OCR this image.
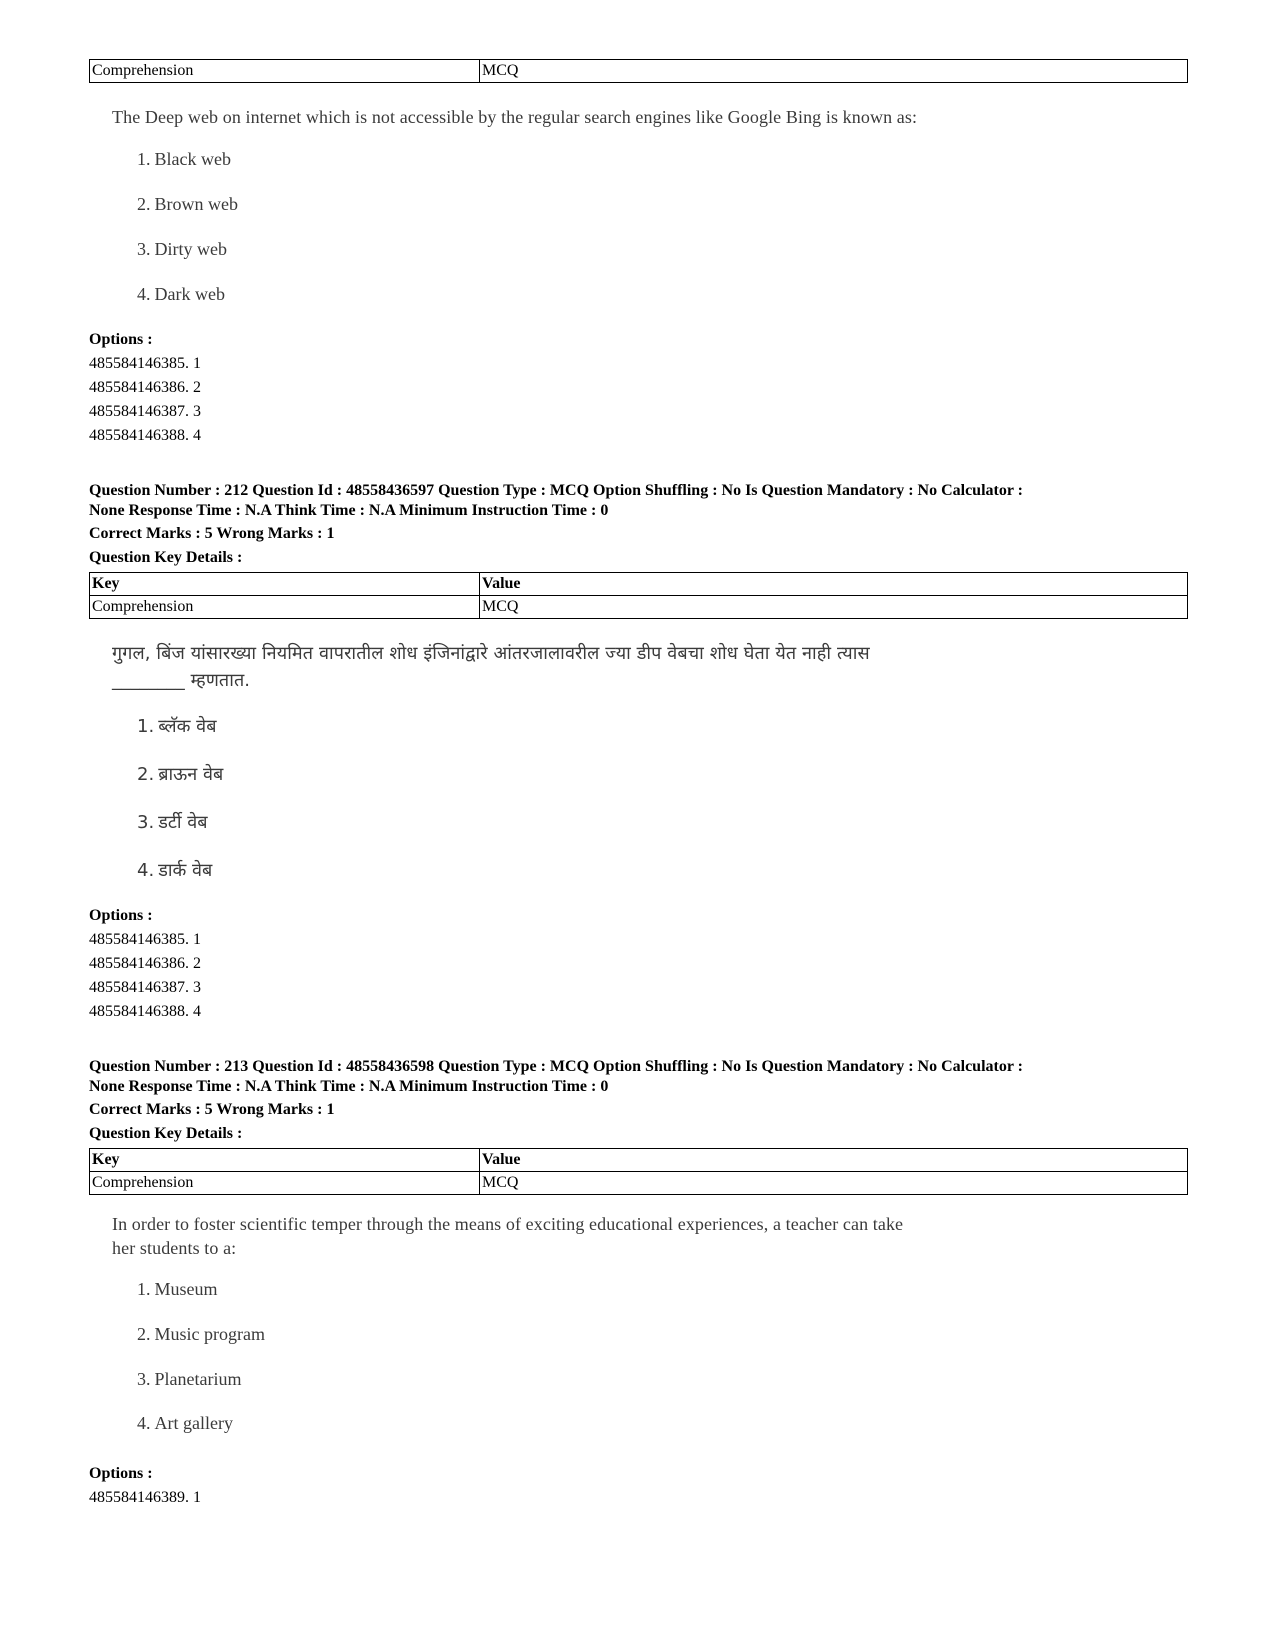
Comprehension	MCQ
The Deep web on internet which is not accessible by the regular search engines like Google Bing is known as:
1. Black web
2. Brown web
3. Dirty web
4. Dark web
Options :
485584146385. 1
485584146386. 2
485584146387. 3
485584146388. 4
Question Number : 212 Question Id : 48558436597 Question Type : MCQ Option Shuffling : No Is Question Mandatory : No Calculator :
None Response Time : N.A Think Time : N.A Minimum Instruction Time : 0
Correct Marks : 5 Wrong Marks : 1
Question Key Details :
Key	Value
Comprehension	MCQ
गुगल, बिंज यांसारख्या नियमित वापरातील शोध इंजिनांद्वारे आंतरजालावरील ज्या डीप वेबचा शोध घेता येत नाही त्यास
________ म्हणतात.
1. ब्लॅक वेब
2. ब्राऊन वेब
3. डर्टी वेब
4. डार्क वेब
Options :
485584146385. 1
485584146386. 2
485584146387. 3
485584146388. 4
Question Number : 213 Question Id : 48558436598 Question Type : MCQ Option Shuffling : No Is Question Mandatory : No Calculator :
None Response Time : N.A Think Time : N.A Minimum Instruction Time : 0
Correct Marks : 5 Wrong Marks : 1
Question Key Details :
Key	Value
Comprehension	MCQ
In order to foster scientific temper through the means of exciting educational experiences, a teacher can take
her students to a:
1. Museum
2. Music program
3. Planetarium
4. Art gallery
Options :
485584146389. 1
